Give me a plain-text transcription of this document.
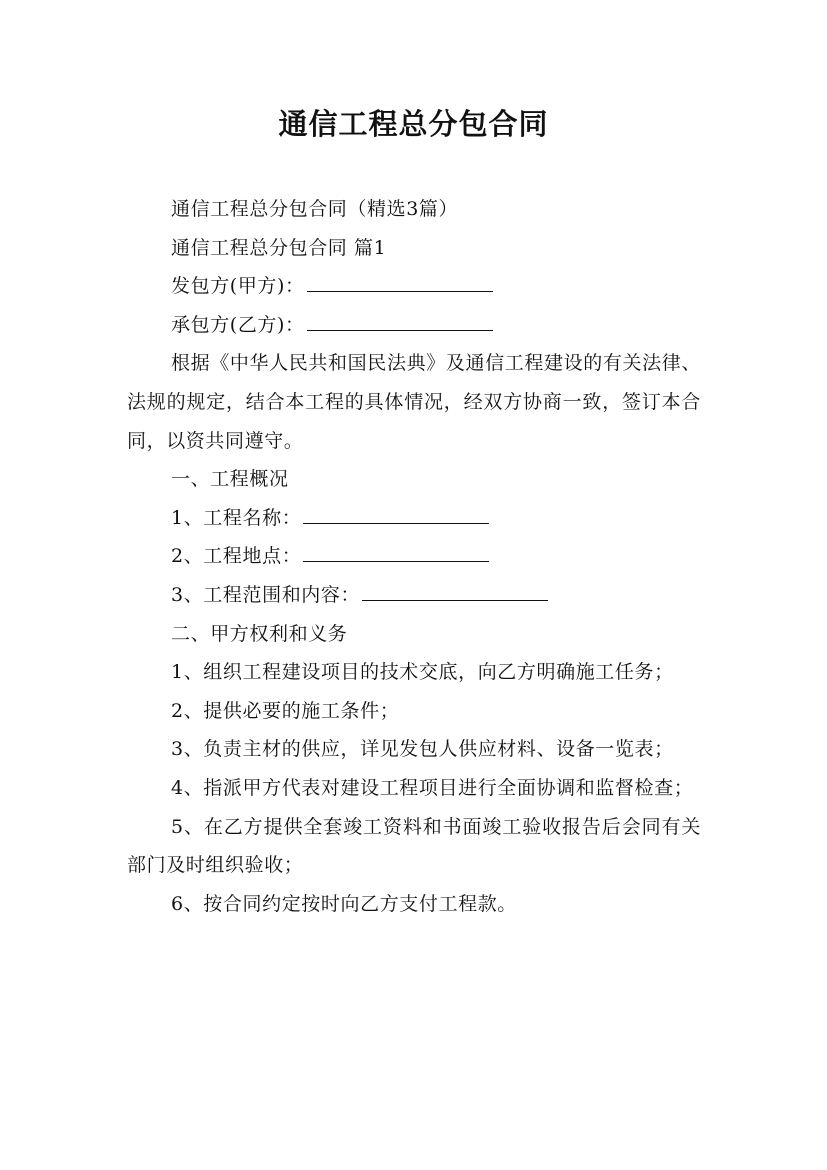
通信工程总分包合同

通信工程总分包合同（精选3篇）

通信工程总分包合同 篇1

发包方(甲方)：

承包方(乙方)：

根据《中华人民共和国民法典》及通信工程建设的有关法律、法规的规定，结合本工程的具体情况，经双方协商一致，签订本合同，以资共同遵守。

一、工程概况

1、工程名称：

2、工程地点：

3、工程范围和内容：

二、甲方权利和义务

1、组织工程建设项目的技术交底，向乙方明确施工任务；

2、提供必要的施工条件；

3、负责主材的供应，详见发包人供应材料、设备一览表；

4、指派甲方代表对建设工程项目进行全面协调和监督检查；

5、在乙方提供全套竣工资料和书面竣工验收报告后会同有关部门及时组织验收；

6、按合同约定按时向乙方支付工程款。
